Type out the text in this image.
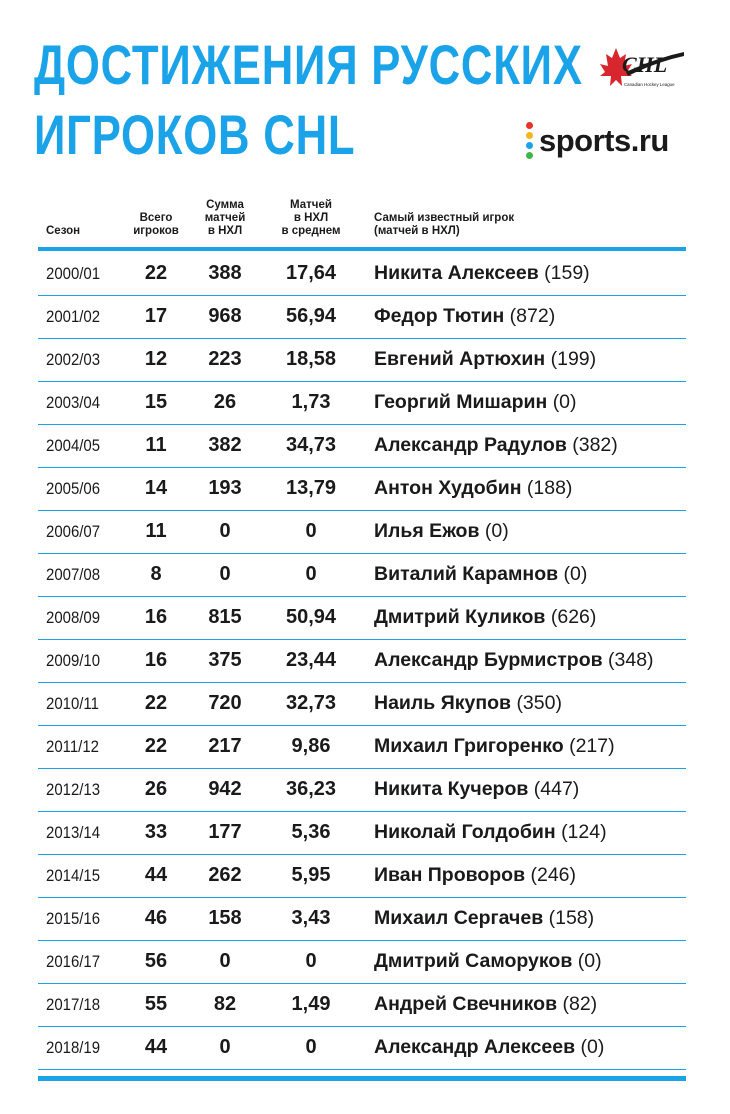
ДОСТИЖЕНИЯ РУССКИХ
ИГРОКОВ CHL
CHL
Canadian Hockey League
sports.ru
Сезон
Всего
игроков
Сумма
матчей
в НХЛ
Матчей
в НХЛ
в среднем
Самый известный игрок
(матчей в НХЛ)
2000/01	22	388	17,64	Никита Алексеев (159)
2001/02	17	968	56,94	Федор Тютин (872)
2002/03	12	223	18,58	Евгений Артюхин (199)
2003/04	15	26	1,73	Георгий Мишарин (0)
2004/05	11	382	34,73	Александр Радулов (382)
2005/06	14	193	13,79	Антон Худобин (188)
2006/07	11	0	0	Илья Ежов (0)
2007/08	8	0	0	Виталий Карамнов (0)
2008/09	16	815	50,94	Дмитрий Куликов (626)
2009/10	16	375	23,44	Александр Бурмистров (348)
2010/11	22	720	32,73	Наиль Якупов (350)
2011/12	22	217	9,86	Михаил Григоренко (217)
2012/13	26	942	36,23	Никита Кучеров (447)
2013/14	33	177	5,36	Николай Голдобин (124)
2014/15	44	262	5,95	Иван Проворов (246)
2015/16	46	158	3,43	Михаил Сергачев (158)
2016/17	56	0	0	Дмитрий Саморуков (0)
2017/18	55	82	1,49	Андрей Свечников (82)
2018/19	44	0	0	Александр Алексеев (0)
